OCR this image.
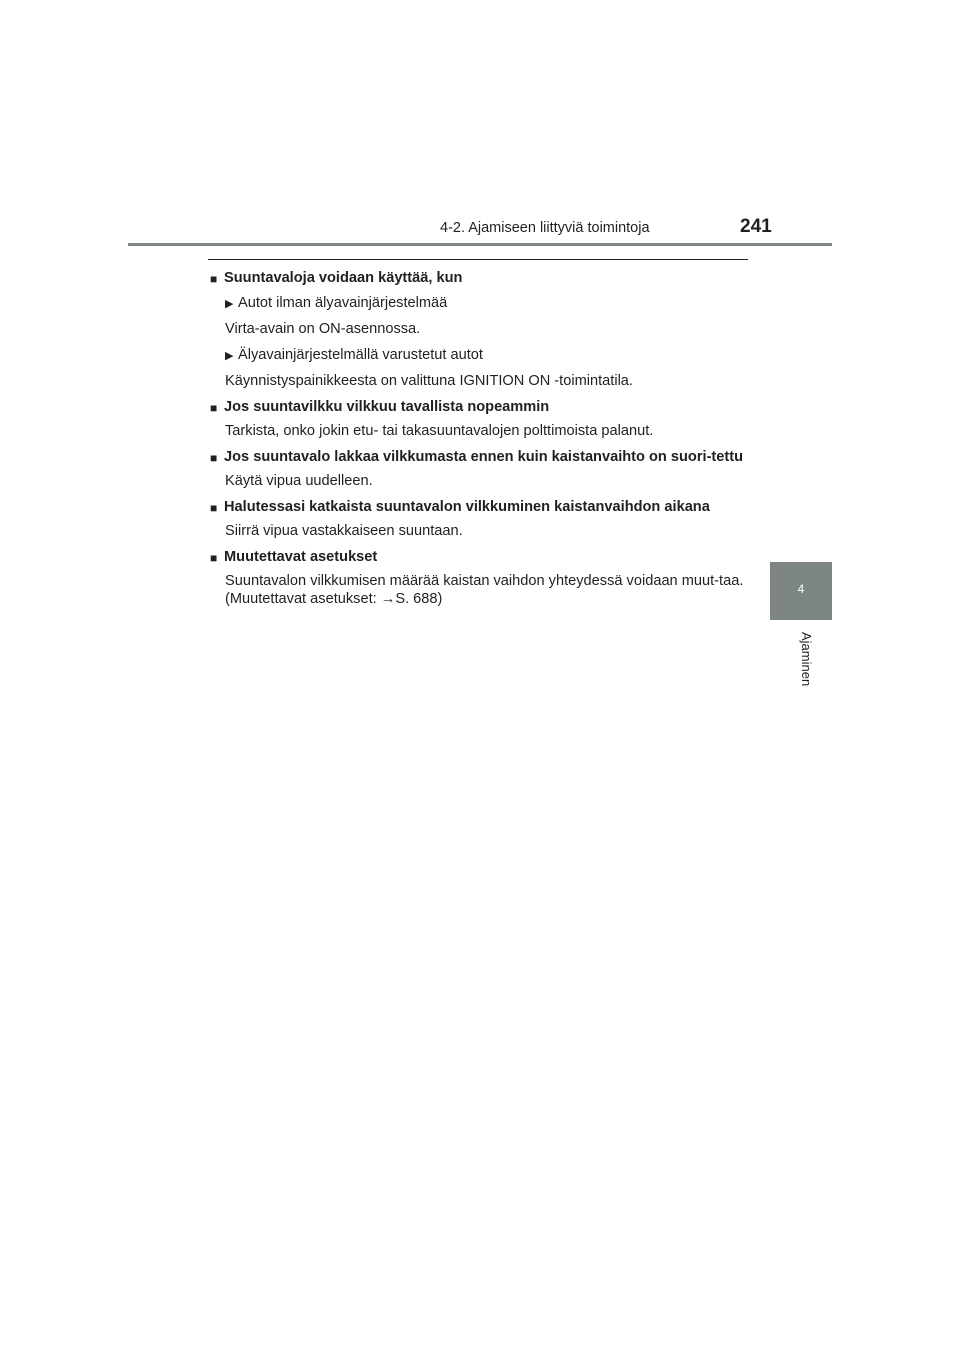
4-2. Ajamiseen liittyviä toimintoja	241
4
Ajaminen
■ Suuntavaloja voidaan käyttää, kun
▶ Autot ilman älyavainjärjestelmää
Virta-avain on ON-asennossa.
▶ Älyavainjärjestelmällä varustetut autot
Käynnistyspainikkeesta on valittuna IGNITION ON -toimintatila.
■ Jos suuntavilkku vilkkuu tavallista nopeammin
Tarkista, onko jokin etu- tai takasuuntavalojen polttimoista palanut.
■ Jos suuntavalo lakkaa vilkkumasta ennen kuin kaistanvaihto on suori-tettu
Käytä vipua uudelleen.
■ Halutessasi katkaista suuntavalon vilkkuminen kaistanvaihdon aikana
Siirrä vipua vastakkaiseen suuntaan.
■ Muutettavat asetukset
Suuntavalon vilkkumisen määrää kaistan vaihdon yhteydessä voidaan muut-taa.
(Muutettavat asetukset: →S. 688)
